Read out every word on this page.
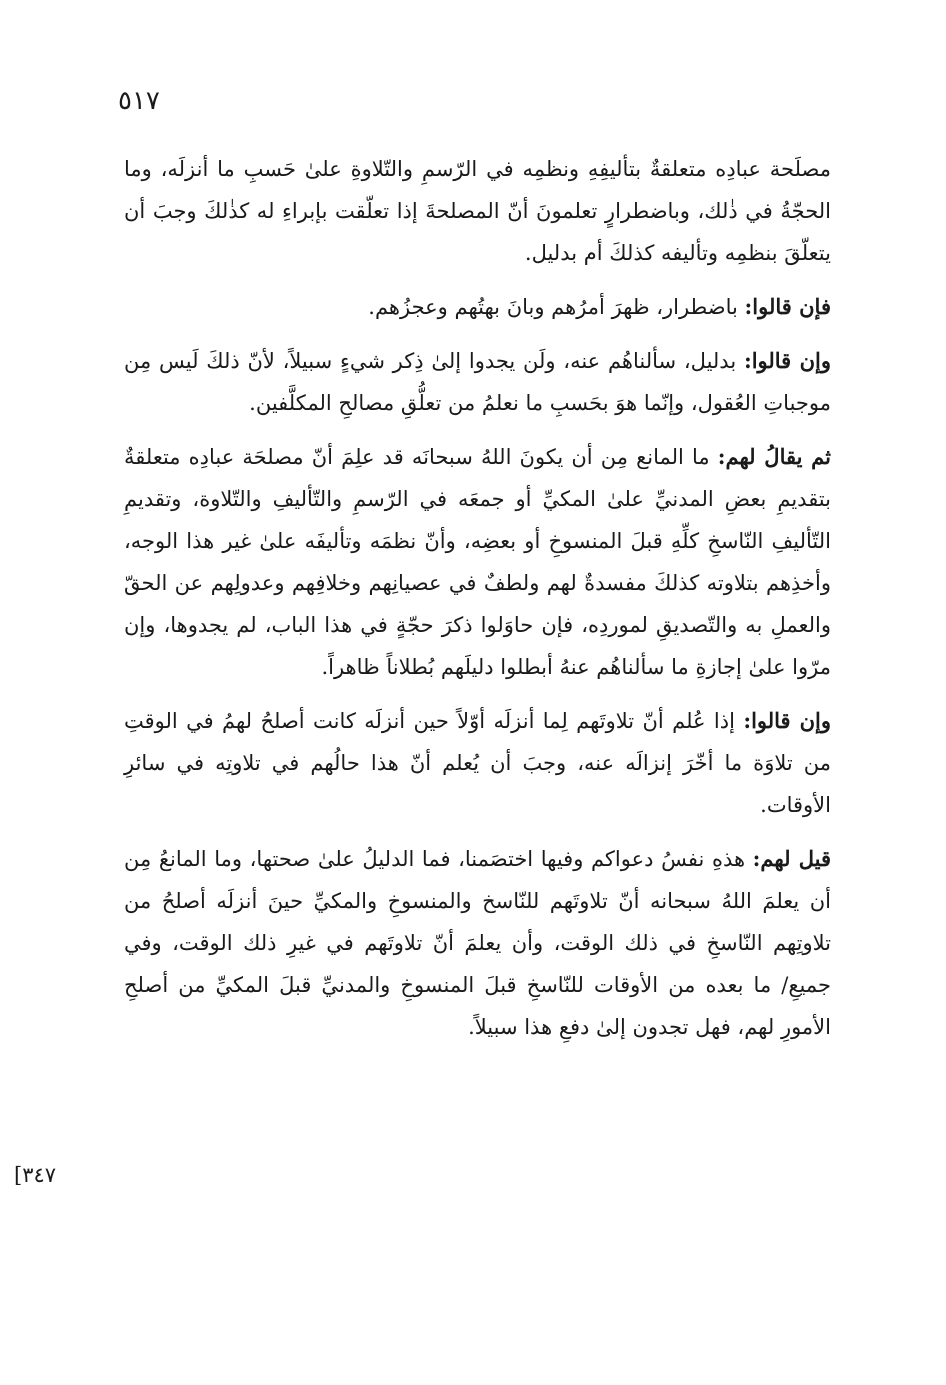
٥١٧
[٣٤٧

مصلَحة عبادِه متعلقةٌ بتأليفِهِ ونظمِه في الرّسمِ والتّلاوةِ علىٰ حَسبِ ما أنزلَه، وما الحجّةُ في ذٰلك، وباضطرارٍ تعلمونَ أنّ المصلحةَ إذا تعلّقت بإبراءِ له كذٰلكَ وجبَ أن يتعلّقَ بنظمِه وتأليفه كذلكَ أم بدليل.

فإن قالوا: باضطرار، ظهرَ أمرُهم وبانَ بهتُهم وعجزُهم.

وإن قالوا: بدليل، سألناهُم عنه، ولَن يجدوا إلىٰ ذِكر شيءٍ سبيلاً، لأنّ ذلكَ لَيس مِن موجباتِ العُقول، وإنّما هوَ بحَسبِ ما نعلمُ من تعلُّقِ مصالحِ المكلَّفين.

ثم يقالُ لهم: ما المانع مِن أن يكونَ اللهُ سبحانَه قد علِمَ أنّ مصلحَة عبادِه متعلقةٌ بتقديمِ بعضِ المدنيِّ علىٰ المكيِّ أو جمعَه في الرّسمِ والتّأليفِ والتّلاوة، وتقديمِ التّأليفِ النّاسخِ كلِّهِ قبلَ المنسوخِ أو بعضِه، وأنّ نظمَه وتأليفَه علىٰ غير هذا الوجه، وأخذِهم بتلاوته كذلكَ مفسدةٌ لهم ولطفٌ في عصيانِهم وخلافِهم وعدولِهم عن الحقّ والعملِ به والتّصديقِ لموردِه، فإن حاوَلوا ذكرَ حجّةٍ في هذا الباب، لم يجدوها، وإن مرّوا علىٰ إجازةِ ما سألناهُم عنهُ أبطلوا دليلَهم بُطلاناً ظاهراً.

وإن قالوا: إذا عُلم أنّ تلاوتَهم لِما أنزلَه أوّلاً حين أنزلَه كانت أصلحُ لهمُ في الوقتِ من تلاوَة ما أخّرَ إنزالَه عنه، وجبَ أن يُعلم أنّ هذا حالُهم في تلاوتِه في سائرِ الأوقات.

قيل لهم: هذهِ نفسُ دعواكم وفيها اختصَمنا، فما الدليلُ علىٰ صحتها، وما المانعُ مِن أن يعلمَ اللهُ سبحانه أنّ تلاوتَهم للنّاسخ والمنسوخِ والمكيِّ حينَ أنزلَه أصلحُ من تلاوتِهم النّاسخِ في ذلك الوقت، وأن يعلمَ أنّ تلاوتَهم في غيرِ ذلك الوقت، وفي جميعِ/ ما بعده من الأوقات للنّاسخِ قبلَ المنسوخِ والمدنيِّ قبلَ المكيِّ من أصلحِ الأمورِ لهم، فهل تجدون إلىٰ دفعِ هذا سبيلاً.
